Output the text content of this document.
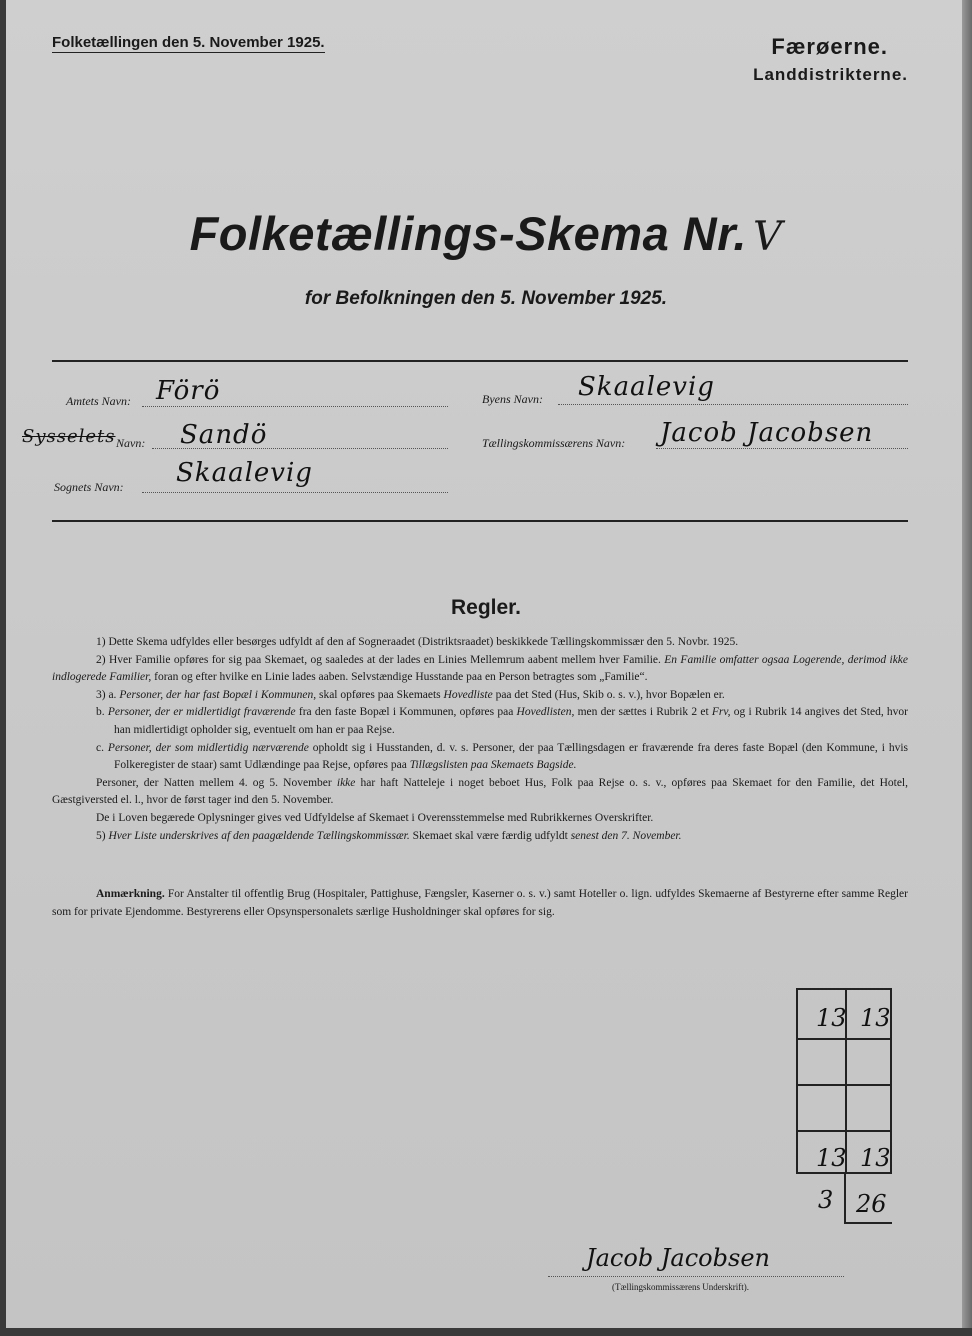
Folketællingen den 5. November 1925.	Færøerne.
Landdistrikterne.
Folketællings-Skema Nr. V
for Befolkningen den 5. November 1925.
Amtets Navn: Förö
Sysselets Navn: Sandö
Sognets Navn: Skaalevig
Byens Navn: Skaalevig
Tællingskommissærens Navn: Jacob Jacobsen
Regler.

1) Dette Skema udfyldes eller besørges udfyldt af den af Sogneraadet (Distriktsraadet) beskikkede Tællingskommissær den 5. Novbr. 1925.

2) Hver Familie opføres for sig paa Skemaet, og saaledes at der lades en Linies Mellemrum aabent mellem hver Familie. En Familie omfatter ogsaa Logerende, derimod ikke indlogerede Familier, foran og efter hvilke en Linie lades aaben. Selvstændige Husstande paa en Person betragtes som „Familie“.

3) a. Personer, der har fast Bopæl i Kommunen, skal opføres paa Skemaets Hovedliste paa det Sted (Hus, Skib o. s. v.), hvor Bopælen er.

b. Personer, der er midlertidigt fraværende fra den faste Bopæl i Kommunen, opføres paa Hovedlisten, men der sættes i Rubrik 2 et Frv, og i Rubrik 14 angives det Sted, hvor han midlertidigt opholder sig, eventuelt om han er paa Rejse.

c. Personer, der som midlertidig nærværende opholdt sig i Husstanden, d. v. s. Personer, der paa Tællingsdagen er fraværende fra deres faste Bopæl (den Kommune, i hvis Folkeregister de staar) samt Udlændinge paa Rejse, opføres paa Tillægslisten paa Skemaets Bagside.

Personer, der Natten mellem 4. og 5. November ikke har haft Natteleje i noget beboet Hus, Folk paa Rejse o. s. v., opføres paa Skemaet for den Familie, det Hotel, Gæstgiversted el. l., hvor de først tager ind den 5. November.

De i Loven begærede Oplysninger gives ved Udfyldelse af Skemaet i Overensstemmelse med Rubrikkernes Overskrifter.

5) Hver Liste underskrives af den paagældende Tællingskommissær. Skemaet skal være færdig udfyldt senest den 7. November.

Anmærkning. For Anstalter til offentlig Brug (Hospitaler, Pattighuse, Fængsler, Kaserner o. s. v.) samt Hoteller o. lign. udfyldes Skemaerne af Bestyrerne efter samme Regler som for private Ejendomme. Bestyrerens eller Opsynspersonalets særlige Husholdninger skal opføres for sig.
13 13
13 13
3 26
Jacob Jacobsen
(Tællingskommissærens Underskrift).
